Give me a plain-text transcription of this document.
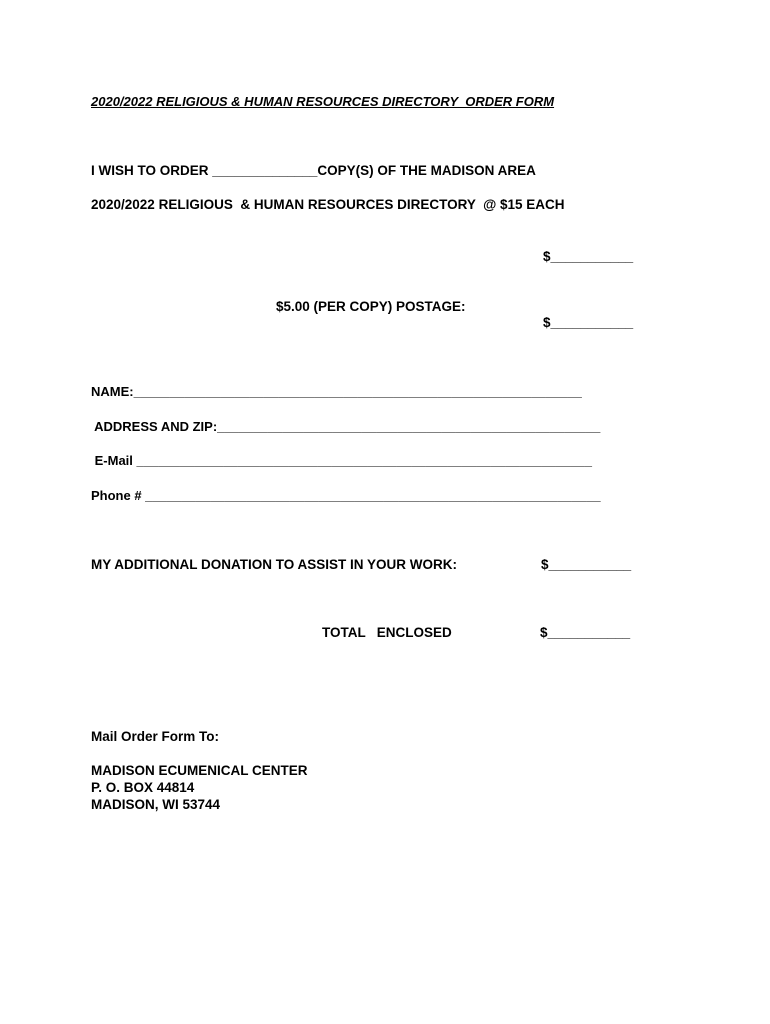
2020/2022 RELIGIOUS & HUMAN RESOURCES DIRECTORY  ORDER FORM
I WISH TO ORDER ______________COPY(S) OF THE MADISON AREA
2020/2022 RELIGIOUS  & HUMAN RESOURCES DIRECTORY  @ $15 EACH
$___________
$5.00 (PER COPY) POSTAGE:
$___________
NAME:______________________________________________________________
ADDRESS AND ZIP:_____________________________________________________
E-Mail _______________________________________________________________
Phone # _______________________________________________________________
MY ADDITIONAL DONATION TO ASSIST IN YOUR WORK:	$___________
TOTAL   ENCLOSED	$___________
Mail Order Form To:
MADISON ECUMENICAL CENTER
P. O. BOX 44814
MADISON, WI 53744
